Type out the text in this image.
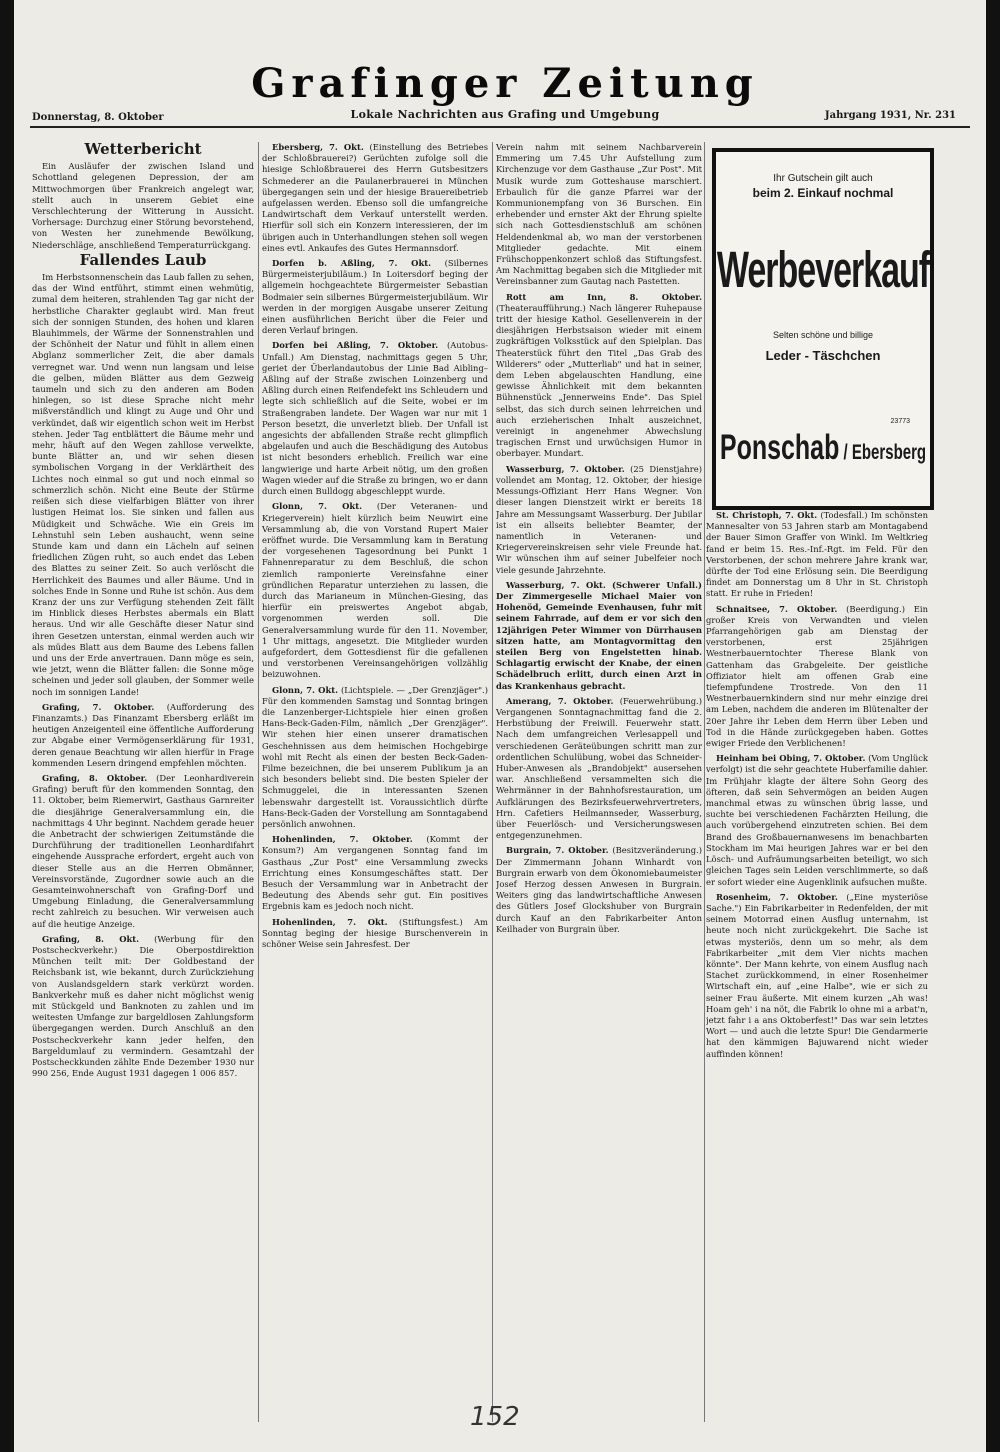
Grafinger Zeitung
Lokale Nachrichten aus Grafing und Umgebung
Donnerstag, 8. Oktober	Jahrgang 1931, Nr. 231
Wetterbericht

Ein Ausläufer der zwischen Island und Schottland gelegenen Depression, der am Mittwochmorgen über Frankreich angelegt war, stellt auch in unserem Gebiet eine Verschlechterung der Witterung in Aussicht. Vorhersage: Durchzug einer Störung bevorstehend, von Westen her zunehmende Bewölkung, Niederschläge, anschließend Temperaturrückgang.

Fallendes Laub

Im Herbstsonnenschein das Laub fallen zu sehen, das der Wind entführt, stimmt einen wehmütig, zumal dem heiteren, strahlenden Tag gar nicht der herbstliche Charakter geglaubt wird. Man freut sich der sonnigen Stunden, des hohen und klaren Blauhimmels, der Wärme der Sonnenstrahlen und der Schönheit der Natur und fühlt in allem einen Abglanz sommerlicher Zeit, die aber damals verregnet war. Und wenn nun langsam und leise die gelben, müden Blätter aus dem Gezweig taumeln und sich zu den anderen am Boden hinlegen, so ist diese Sprache nicht mehr mißverständlich und klingt zu Auge und Ohr und verkündet, daß wir eigentlich schon weit im Herbst stehen. Jeder Tag entblättert die Bäume mehr und mehr, häuft auf den Wegen zahllose verwelkte, bunte Blätter an, und wir sehen diesen symbolischen Vorgang in der Verklärtheit des Lichtes noch einmal so gut und noch einmal so schmerzlich schön. Nicht eine Beute der Stürme reißen sich diese vielfarbigen Blätter von ihrer lustigen Heimat los. Sie sinken und fallen aus Müdigkeit und Schwäche. Wie ein Greis im Lehnstuhl sein Leben aushaucht, wenn seine Stunde kam und dann ein Lächeln auf seinen friedlichen Zügen ruht, so auch endet das Leben des Blattes zu seiner Zeit. So auch verlöscht die Herrlichkeit des Baumes und aller Bäume. Und in solches Ende in Sonne und Ruhe ist schön. Aus dem Kranz der uns zur Verfügung stehenden Zeit fällt im Hinblick dieses Herbstes abermals ein Blatt heraus. Und wir alle Geschäfte dieser Natur sind ihren Gesetzen unterstan, einmal werden auch wir als müdes Blatt aus dem Baume des Lebens fallen und uns der Erde anvertrauen. Dann möge es sein, wie jetzt, wenn die Blätter fallen: die Sonne möge scheinen und jeder soll glauben, der Sommer weile noch im sonnigen Lande!

Grafing, 7. Oktober. (Aufforderung des Finanzamts.) Das Finanzamt Ebersberg erläßt im heutigen Anzeigenteil eine öffentliche Aufforderung zur Abgabe einer Vermögenserklärung für 1931, deren genaue Beachtung wir allen hierfür in Frage kommenden Lesern dringend empfehlen möchten.

Grafing, 8. Oktober. (Der Leonhardiverein Grafing) beruft für den kommenden Sonntag, den 11. Oktober, beim Riemerwirt, Gasthaus Garnreiter die diesjährige Generalversammlung ein, die nachmittags 4 Uhr beginnt. Nachdem gerade heuer die Anbetracht der schwierigen Zeitumstände die Durchführung der traditionellen Leonhardifahrt eingehende Aussprache erfordert, ergeht auch von dieser Stelle aus an die Herren Obmänner, Vereinsvorstände, Zugordner sowie auch an die Gesamteinwohnerschaft von Grafing-Dorf und Umgebung Einladung, die Generalversammlung recht zahlreich zu besuchen. Wir verweisen auch auf die heutige Anzeige.

Grafing, 8. Okt. (Werbung für den Postscheckverkehr.) Die Oberpostdirektion München teilt mit: Der Goldbestand der Reichsbank ist, wie bekannt, durch Zurückziehung von Auslandsgeldern stark verkürzt worden. Bankverkehr muß es daher nicht möglichst wenig mit Stückgeld und Banknoten zu zahlen und im weitesten Umfange zur bargeldlosen Zahlungsform übergegangen werden. Durch Anschluß an den Postscheckverkehr kann jeder helfen, den Bargeldumlauf zu vermindern. Gesamtzahl der Postscheckkunden zählte Ende Dezember 1930 nur 990 256, Ende August 1931 dagegen 1 006 857.

Ebersberg, 7. Okt. (Einstellung des Betriebes der Schloßbrauerei?) Gerüchten zufolge soll die hiesige Schloßbrauerei des Herrn Gutsbesitzers Schmederer an die Paulanerbrauerei in München übergegangen sein und der hiesige Brauereibetrieb aufgelassen werden. Ebenso soll die umfangreiche Landwirtschaft dem Verkauf unterstellt werden. Hierfür soll sich ein Konzern interessieren, der im übrigen auch in Unterhandlungen stehen soll wegen eines evtl. Ankaufes des Gutes Hermannsdorf.

Dorfen b. Aßling, 7. Okt. (Silbernes Bürgermeisterjubiläum.) In Loitersdorf beging der allgemein hochgeachtete Bürgermeister Sebastian Bodmaier sein silbernes Bürgermeisterjubiläum. Wir werden in der morgigen Ausgabe unserer Zeitung einen ausführlichen Bericht über die Feier und deren Verlauf bringen.

Dorfen bei Aßling, 7. Oktober. (Autobus-Unfall.) Am Dienstag, nachmittags gegen 5 Uhr, geriet der Überlandautobus der Linie Bad Aibling–Aßling auf der Straße zwischen Loinzenberg und Aßling durch einen Reifendefekt ins Schleudern und legte sich schließlich auf die Seite, wobei er im Straßengraben landete. Der Wagen war nur mit 1 Person besetzt, die unverletzt blieb. Der Unfall ist angesichts der abfallenden Straße recht glimpflich abgelaufen und auch die Beschädigung des Autobus ist nicht besonders erheblich. Freilich war eine langwierige und harte Arbeit nötig, um den großen Wagen wieder auf die Straße zu bringen, wo er dann durch einen Bulldogg abgeschleppt wurde.

Glonn, 7. Okt. (Der Veteranen- und Kriegerverein) hielt kürzlich beim Neuwirt eine Versammlung ab, die von Vorstand Rupert Maier eröffnet wurde. Die Versammlung kam in Beratung der vorgesehenen Tagesordnung bei Punkt 1 Fahnenreparatur zu dem Beschluß, die schon ziemlich ramponierte Vereinsfahne einer gründlichen Reparatur unterziehen zu lassen, die durch das Marianeum in München-Giesing, das hierfür ein preiswertes Angebot abgab, vorgenommen werden soll. Die Generalversammlung wurde für den 11. November, 1 Uhr mittags, angesetzt. Die Mitglieder wurden aufgefordert, dem Gottesdienst für die gefallenen und verstorbenen Vereinsangehörigen vollzählig beizuwohnen.

Glonn, 7. Okt. (Lichtspiele. — „Der Grenzjäger".) Für den kommenden Samstag und Sonntag bringen die Lanzenberger-Lichtspiele hier einen großen Hans-Beck-Gaden-Film, nämlich „Der Grenzjäger". Wir stehen hier einen unserer dramatischen Geschehnissen aus dem heimischen Hochgebirge wohl mit Recht als einen der besten Beck-Gaden-Filme bezeichnen, die bei unserem Publikum ja an sich besonders beliebt sind. Die besten Spieler der Schmuggelei, die in interessanten Szenen lebenswahr dargestellt ist. Voraussichtlich dürfte Hans-Beck-Gaden der Vorstellung am Sonntagabend persönlich anwohnen.

Hohenlinden, 7. Oktober. (Kommt der Konsum?) Am vergangenen Sonntag fand im Gasthaus „Zur Post" eine Versammlung zwecks Errichtung eines Konsumgeschäftes statt. Der Besuch der Versammlung war in Anbetracht der Bedeutung des Abends sehr gut. Ein positives Ergebnis kam es jedoch noch nicht.

Hohenlinden, 7. Okt. (Stiftungsfest.) Am Sonntag beging der hiesige Burschenverein in schöner Weise sein Jahresfest. Der

Verein nahm mit seinem Nachbarverein Emmering um 7.45 Uhr Aufstellung zum Kirchenzuge vor dem Gasthause „Zur Post". Mit Musik wurde zum Gotteshause marschiert. Erbaulich für die ganze Pfarrei war der Kommunionempfang von 36 Burschen. Ein erhebender und ernster Akt der Ehrung spielte sich nach Gottesdienstschluß am schönen Heldendenkmal ab, wo man der verstorbenen Mitglieder gedachte. Mit einem Frühschoppenkonzert schloß das Stiftungsfest. Am Nachmittag begaben sich die Mitglieder mit Vereinsbanner zum Gautag nach Pastetten.

Rott am Inn, 8. Oktober. (Theateraufführung.) Nach längerer Ruhepause tritt der hiesige Kathol. Gesellenverein in der diesjährigen Herbstsaison wieder mit einem zugkräftigen Volksstück auf den Spielplan. Das Theaterstück führt den Titel „Das Grab des Wilderers" oder „Mutterliab" und hat in seiner, dem Leben abgelauschten Handlung, eine gewisse Ähnlichkeit mit dem bekannten Bühnenstück „Jennerweins Ende". Das Spiel selbst, das sich durch seinen lehrreichen und auch erzieherischen Inhalt auszeichnet, vereinigt in angenehmer Abwechslung tragischen Ernst und urwüchsigen Humor in oberbayer. Mundart.

Wasserburg, 7. Oktober. (25 Dienstjahre) vollendet am Montag, 12. Oktober, der hiesige Messungs-Offiziant Herr Hans Wegner. Von dieser langen Dienstzeit wirkt er bereits 18 Jahre am Messungsamt Wasserburg. Der Jubilar ist ein allseits beliebter Beamter, der namentlich in Veteranen- und Kriegervereinskreisen sehr viele Freunde hat. Wir wünschen ihm auf seiner Jubelfeier noch viele gesunde Jahrzehnte.

Wasserburg, 7. Okt. (Schwerer Unfall.) Der Zimmergeselle Michael Maier von Hohenöd, Gemeinde Evenhausen, fuhr mit seinem Fahrrade, auf dem er vor sich den 12jährigen Peter Wimmer von Dürrhausen sitzen hatte, am Montagvormittag den steilen Berg von Engelstetten hinab. Schlagartig erwischt der Knabe, der einen Schädelbruch erlitt, durch einen Arzt in das Krankenhaus gebracht.

Amerang, 7. Oktober. (Feuerwehrübung.) Vergangenen Sonntagnachmittag fand die 2. Herbstübung der Freiwill. Feuerwehr statt. Nach dem umfangreichen Verlesappell und verschiedenen Geräteübungen schritt man zur ordentlichen Schulübung, wobei das Schneider-Huber-Anwesen als „Brandobjekt" ausersehen war. Anschließend versammelten sich die Wehrmänner in der Bahnhofsrestauration, um Aufklärungen des Bezirksfeuerwehrvertreters, Hrn. Cafetiers Heilmannseder, Wasserburg, über Feuerlösch- und Versicherungswesen entgegenzunehmen.

Burgrain, 7. Oktober. (Besitzveränderung.) Der Zimmermann Johann Winhardt von Burgrain erwarb von dem Ökonomiebaumeister Josef Herzog dessen Anwesen in Burgrain. Weiters ging das landwirtschaftliche Anwesen des Gütlers Josef Glockshuber von Burgrain durch Kauf an den Fabrikarbeiter Anton Keilhader von Burgrain über.

Ihr Gutschein gilt auch
beim 2. Einkauf nochmal
Werbeverkauf
Selten schöne und billige
Leder - Täschchen
23773
Ponschab / Ebersberg

St. Christoph, 7. Okt. (Todesfall.) Im schönsten Mannesalter von 53 Jahren starb am Montagabend der Bauer Simon Graffer von Winkl. Im Weltkrieg fand er beim 15. Res.-Inf.-Rgt. im Feld. Für den Verstorbenen, der schon mehrere Jahre krank war, dürfte der Tod eine Erlösung sein. Die Beerdigung findet am Donnerstag um 8 Uhr in St. Christoph statt. Er ruhe in Frieden!

Schnaitsee, 7. Oktober. (Beerdigung.) Ein großer Kreis von Verwandten und vielen Pfarrangehörigen gab am Dienstag der verstorbenen, erst 25jährigen Westnerbauerntochter Therese Blank von Gattenham das Grabgeleite. Der geistliche Offiziator hielt am offenen Grab eine tiefempfundene Trostrede. Von den 11 Westnerbauernkindern sind nur mehr einzige drei am Leben, nachdem die anderen im Blütenalter der 20er Jahre ihr Leben dem Herrn über Leben und Tod in die Hände zurückgegeben haben. Gottes ewiger Friede den Verblichenen!

Heinham bei Obing, 7. Oktober. (Vom Unglück verfolgt) ist die sehr geachtete Huberfamilie dahier. Im Frühjahr klagte der ältere Sohn Georg des öfteren, daß sein Sehvermögen an beiden Augen manchmal etwas zu wünschen übrig lasse, und suchte bei verschiedenen Fachärzten Heilung, die auch vorübergehend einzutreten schien. Bei dem Brand des Großbauernanwesens im benachbarten Stockham im Mai heurigen Jahres war er bei den Lösch- und Aufräumungsarbeiten beteiligt, wo sich gleichen Tages sein Leiden verschlimmerte, so daß er sofort wieder eine Augenklinik aufsuchen mußte.

Rosenheim, 7. Oktober. („Eine mysteriöse Sache.") Ein Fabrikarbeiter in Redenfelden, der mit seinem Motorrad einen Ausflug unternahm, ist heute noch nicht zurückgekehrt. Die Sache ist etwas mysteriös, denn um so mehr, als dem Fabrikarbeiter „mit dem Vier nichts machen könnte". Der Mann kehrte, von einem Ausflug nach Stachet zurückkommend, in einer Rosenheimer Wirtschaft ein, auf „eine Halbe", wie er sich zu seiner Frau äußerte. Mit einem kurzen „Ah was! Hoam geh' i na nöt, die Fabrik lo ohne mi a arbat'n, jetzt fahr i a ans Oktoberfest!" Das war sein letztes Wort — und auch die letzte Spur! Die Gendarmerie hat den kämmigen Bajuwarend nicht wieder auffinden können!

152
